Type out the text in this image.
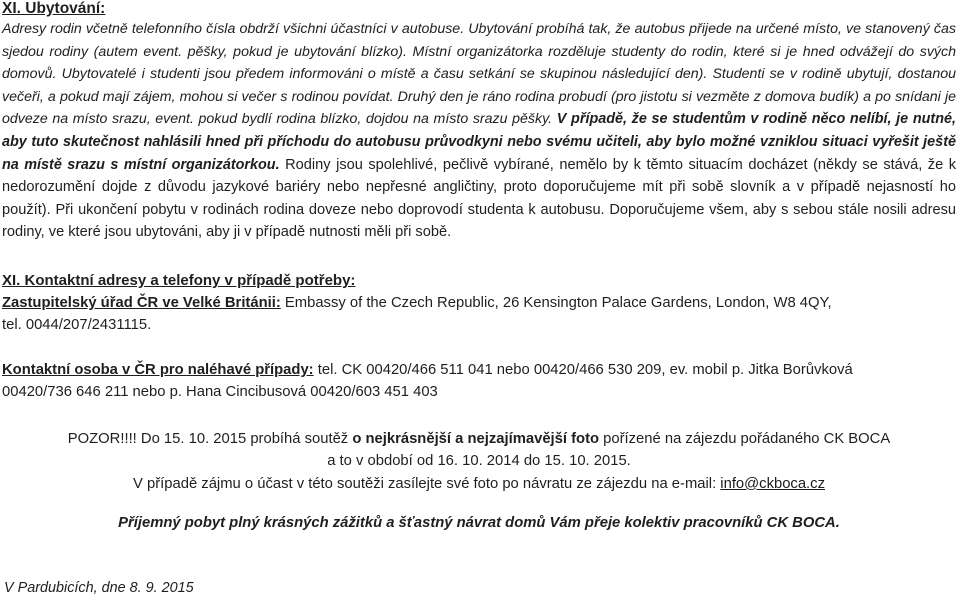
XI. Ubytování:

Adresy rodin včetně telefonního čísla obdrží všichni účastníci v autobuse. Ubytování probíhá tak, že autobus přijede na určené místo, ve stanovený čas sjedou rodiny (autem event. pěšky, pokud je ubytování blízko). Místní organizátorka rozděluje studenty do rodin, které si je hned odvážejí do svých domovů. Ubytovatelé i studenti jsou předem informováni o místě a času setkání se skupinou následující den). Studenti se v rodině ubytují, dostanou večeři, a pokud mají zájem, mohou si večer s rodinou povídat. Druhý den je ráno rodina probudí (pro jistotu si vezměte z domova budík) a po snídani je odveze na místo srazu, event. pokud bydlí rodina blízko, dojdou na místo srazu pěšky. V případě, že se studentům v rodině něco nelíbí, je nutné, aby tuto skutečnost nahlásili hned při příchodu do autobusu průvodkyni nebo svému učiteli, aby bylo možné vzniklou situaci vyřešit ještě na místě srazu s místní organizátorkou. Rodiny jsou spolehlivé, pečlivě vybírané, nemělo by k těmto situacím docházet (někdy se stává, že k nedorozumění dojde z důvodu jazykové bariéry nebo nepřesné angličtiny, proto doporučujeme mít při sobě slovník a v případě nejasností ho použít). Při ukončení pobytu v rodinách rodina doveze nebo doprovodí studenta k autobusu. Doporučujeme všem, aby s sebou stále nosili adresu rodiny, ve které jsou ubytováni, aby ji v případě nutnosti měli při sobě.

XI. Kontaktní adresy a telefony v případě potřeby:
Zastupitelský úřad ČR ve Velké Británii: Embassy of the Czech Republic, 26 Kensington Palace Gardens, London, W8 4QY,
tel. 0044/207/2431115.
Kontaktní osoba v ČR pro naléhavé případy: tel. CK 00420/466 511 041 nebo 00420/466 530 209, ev. mobil p. Jitka Borůvková
00420/736 646 211 nebo p. Hana Cincibusová 00420/603 451 403
POZOR!!!! Do 15. 10. 2015 probíhá soutěž o nejkrásnější a nejzajímavější foto pořízené na zájezdu pořádaného CK BOCA
a to v období od 16. 10. 2014 do 15. 10. 2015.
V případě zájmu o účast v této soutěži zasílejte své foto po návratu ze zájezdu na e-mail: info@ckboca.cz
Příjemný pobyt plný krásných zážitků a šťastný návrat domů Vám přeje kolektiv pracovníků CK BOCA.
V Pardubicích, dne 8. 9. 2015
